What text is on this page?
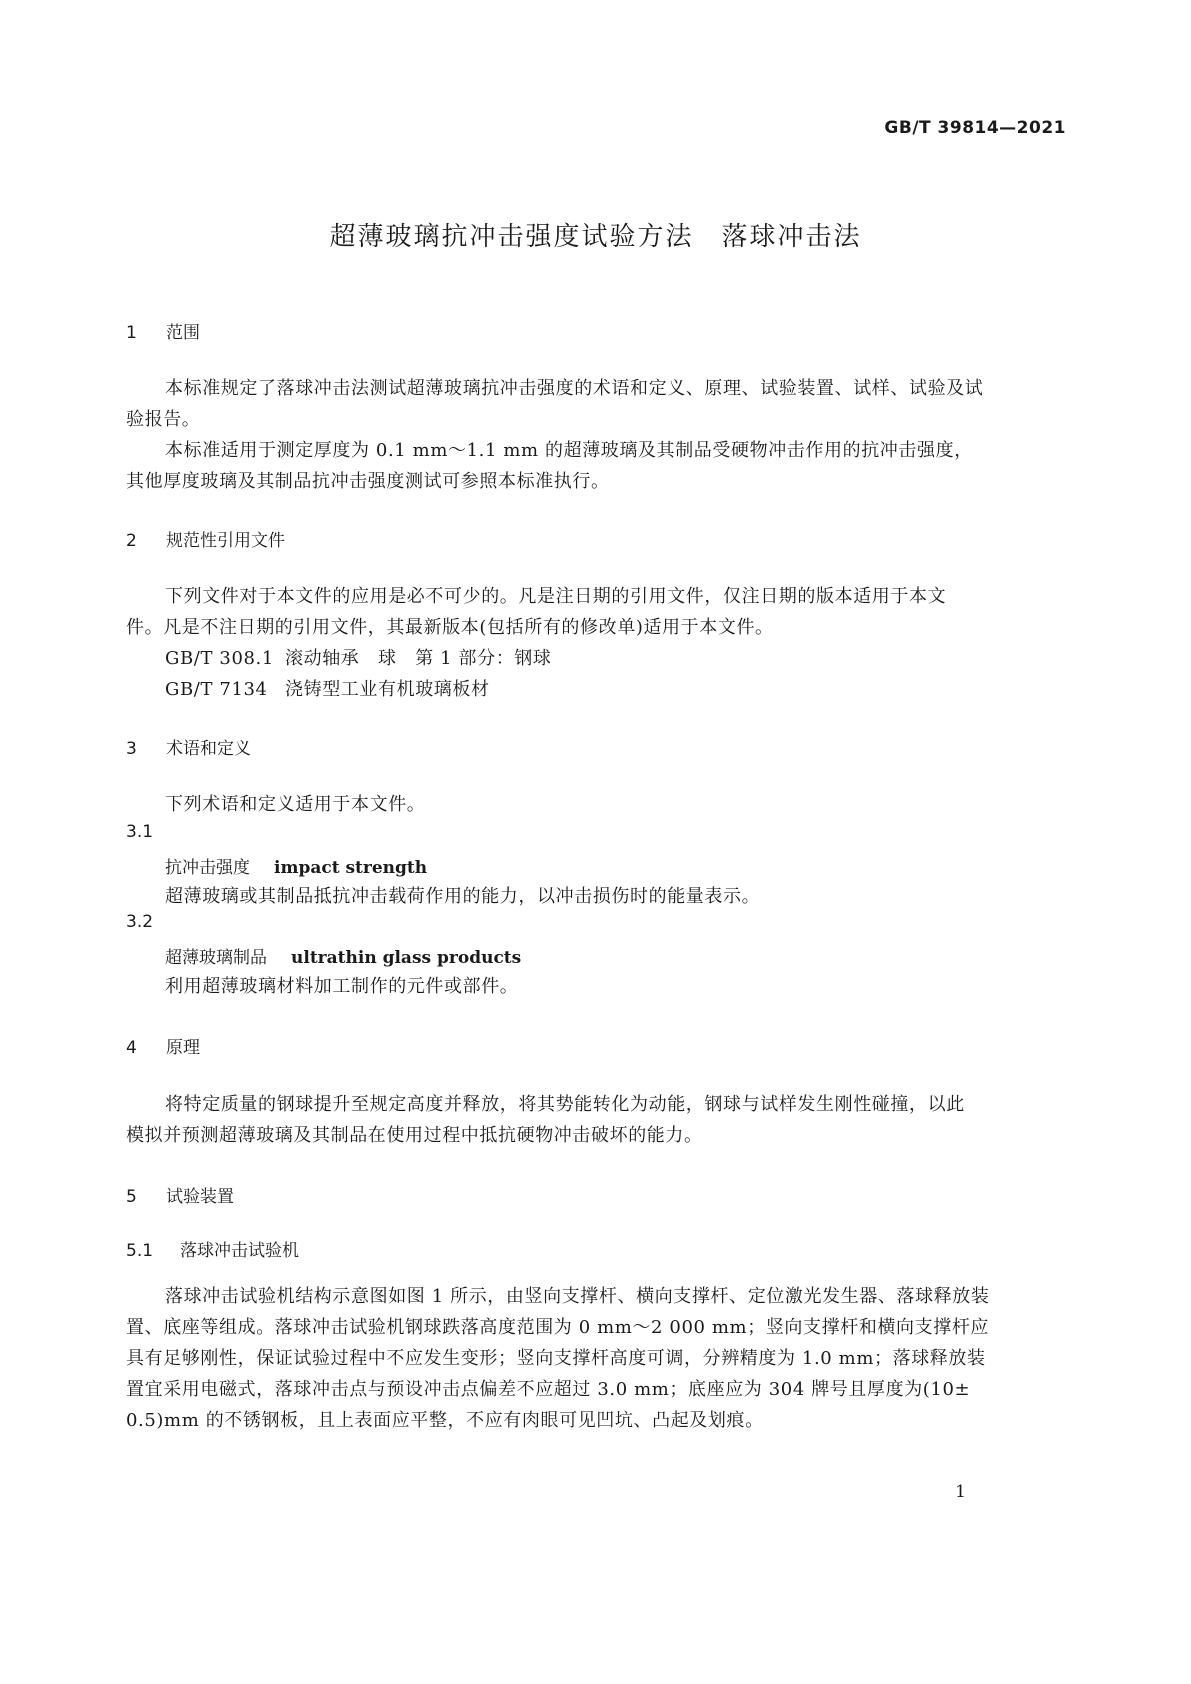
GB/T 39814—2021
超薄玻璃抗冲击强度试验方法　落球冲击法
1 范围
本标准规定了落球冲击法测试超薄玻璃抗冲击强度的术语和定义、原理、试验装置、试样、试验及试
验报告。
本标准适用于测定厚度为 0.1 mm～1.1 mm 的超薄玻璃及其制品受硬物冲击作用的抗冲击强度，
其他厚度玻璃及其制品抗冲击强度测试可参照本标准执行。
2 规范性引用文件
下列文件对于本文件的应用是必不可少的。凡是注日期的引用文件，仅注日期的版本适用于本文
件。凡是不注日期的引用文件，其最新版本(包括所有的修改单)适用于本文件。
GB/T 308.1 滚动轴承　球　第 1 部分：钢球
GB/T 7134 浇铸型工业有机玻璃板材
3 术语和定义
下列术语和定义适用于本文件。
3.1
抗冲击强度 impact strength
超薄玻璃或其制品抵抗冲击载荷作用的能力，以冲击损伤时的能量表示。
3.2
超薄玻璃制品 ultrathin glass products
利用超薄玻璃材料加工制作的元件或部件。
4 原理
将特定质量的钢球提升至规定高度并释放，将其势能转化为动能，钢球与试样发生刚性碰撞，以此
模拟并预测超薄玻璃及其制品在使用过程中抵抗硬物冲击破坏的能力。
5 试验装置
5.1 落球冲击试验机
落球冲击试验机结构示意图如图 1 所示，由竖向支撑杆、横向支撑杆、定位激光发生器、落球释放装
置、底座等组成。落球冲击试验机钢球跌落高度范围为 0 mm～2 000 mm；竖向支撑杆和横向支撑杆应
具有足够刚性，保证试验过程中不应发生变形；竖向支撑杆高度可调，分辨精度为 1.0 mm；落球释放装
置宜采用电磁式，落球冲击点与预设冲击点偏差不应超过 3.0 mm；底座应为 304 牌号且厚度为(10±
0.5)mm 的不锈钢板，且上表面应平整，不应有肉眼可见凹坑、凸起及划痕。
1
